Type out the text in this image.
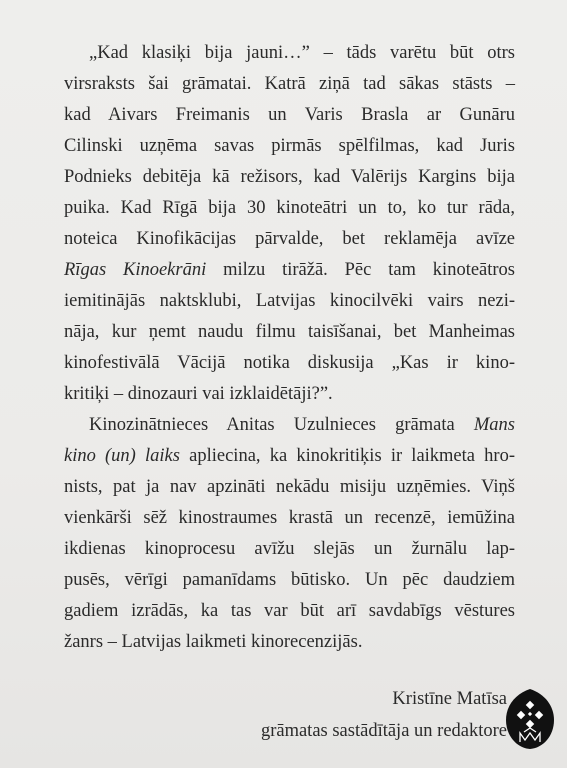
„Kad klasiķi bija jauni…” – tāds varētu būt otrs
virsraksts šai grāmatai. Katrā ziņā tad sākas stāsts –
kad Aivars Freimanis un Varis Brasla ar Gunāru
Cilinski uzņēma savas pirmās spēlfilmas, kad Juris
Podnieks debitēja kā režisors, kad Valērijs Kargins bija
puika. Kad Rīgā bija 30 kinoteātri un to, ko tur rāda,
noteica Kinofikācijas pārvalde, bet reklamēja avīze
Rīgas Kinoekrāni milzu tirāžā. Pēc tam kinoteātros
iemitinājās naktsklubi, Latvijas kinocilvēki vairs nezi-
nāja, kur ņemt naudu filmu taisīšanai, bet Manheimas
kinofestivālā Vācijā notika diskusija „Kas ir kino-
kritiķi – dinozauri vai izklaidētāji?”.
Kinozinātnieces Anitas Uzulnieces grāmata Mans
kino (un) laiks apliecina, ka kinokritiķis ir laikmeta hro-
nists, pat ja nav apzināti nekādu misiju uzņēmies. Viņš
vienkārši sēž kinostraumes krastā un recenzē, iemūžina
ikdienas kinoprocesu avīžu slejās un žurnālu lap-
pusēs, vērīgi pamanīdams būtisko. Un pēc daudziem
gadiem izrādās, ka tas var būt arī savdabīgs vēstures
žanrs – Latvijas laikmeti kinorecenzijās.
Kristīne Matīsa
grāmatas sastādītāja un redaktore
